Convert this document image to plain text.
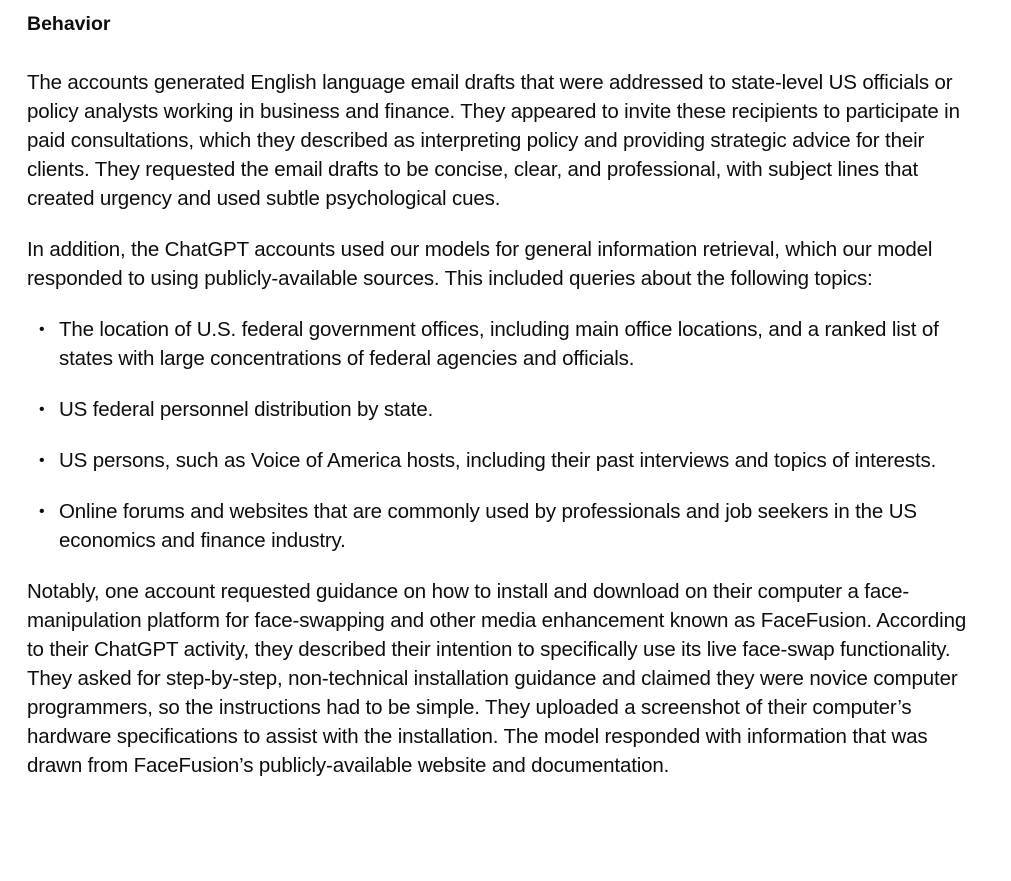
Behavior

The accounts generated English language email drafts that were addressed to state-level US officials or policy analysts working in business and finance. They appeared to invite these recipients to participate in paid consultations, which they described as interpreting policy and providing strategic advice for their clients. They requested the email drafts to be concise, clear, and professional, with subject lines that created urgency and used subtle psychological cues.

In addition, the ChatGPT accounts used our models for general information retrieval, which our model responded to using publicly-available sources. This included queries about the following topics:

• The location of U.S. federal government offices, including main office locations, and a ranked list of states with large concentrations of federal agencies and officials.
• US federal personnel distribution by state.
• US persons, such as Voice of America hosts, including their past interviews and topics of interests.
• Online forums and websites that are commonly used by professionals and job seekers in the US economics and finance industry.

Notably, one account requested guidance on how to install and download on their computer a face-manipulation platform for face-swapping and other media enhancement known as FaceFusion. According to their ChatGPT activity, they described their intention to specifically use its live face-swap functionality. They asked for step-by-step, non-technical installation guidance and claimed they were novice computer programmers, so the instructions had to be simple. They uploaded a screenshot of their computer’s hardware specifications to assist with the installation. The model responded with information that was drawn from FaceFusion’s publicly-available website and documentation.
